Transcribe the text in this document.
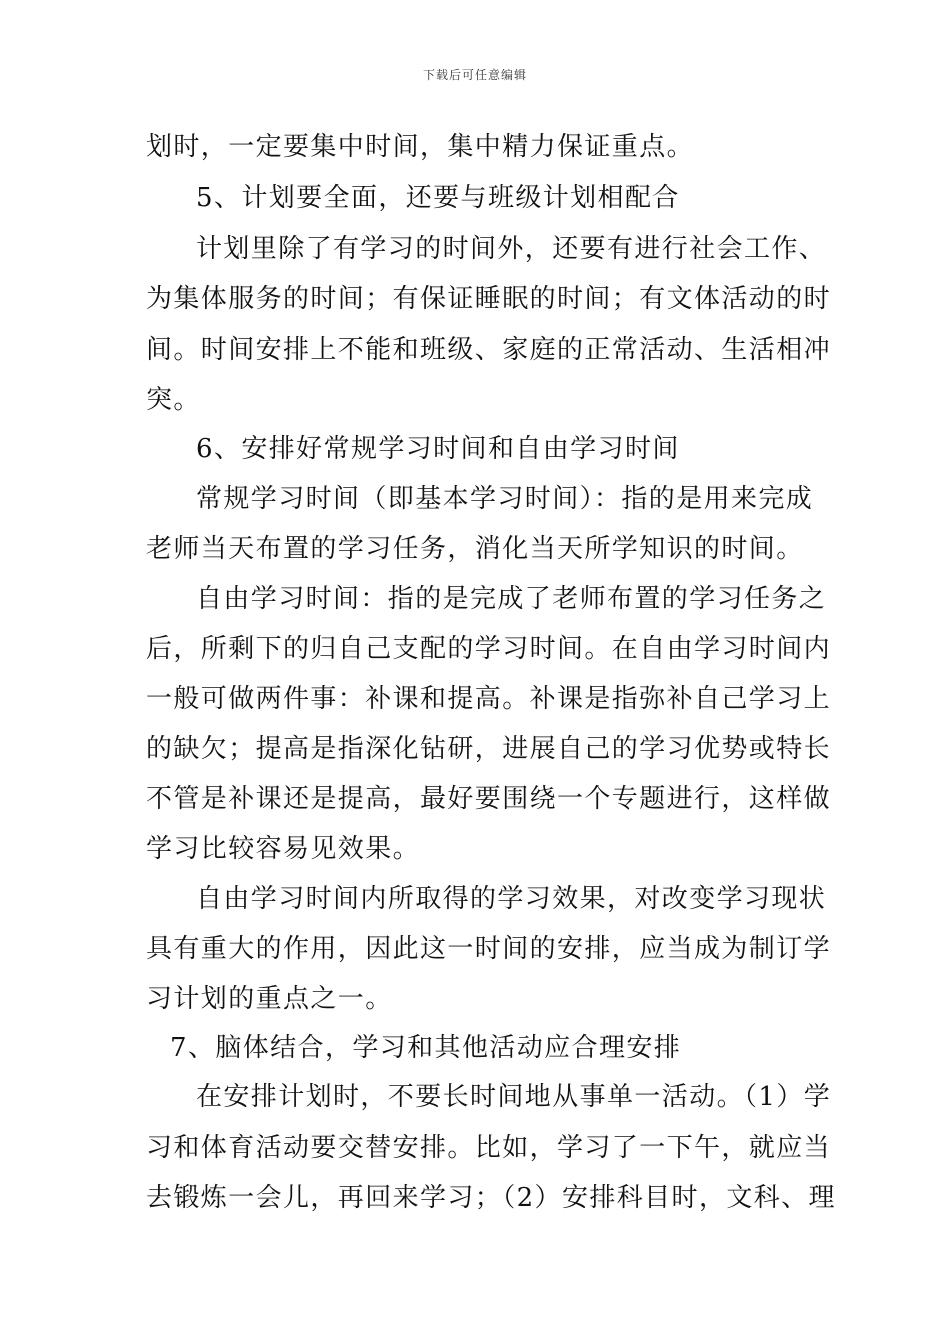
下载后可任意编辑
划时，一定要集中时间，集中精力保证重点。
5、计划要全面，还要与班级计划相配合
计划里除了有学习的时间外，还要有进行社会工作、
为集体服务的时间；有保证睡眠的时间；有文体活动的时
间。时间安排上不能和班级、家庭的正常活动、生活相冲
突。
6、安排好常规学习时间和自由学习时间
常规学习时间（即基本学习时间）：指的是用来完成
老师当天布置的学习任务，消化当天所学知识的时间。
自由学习时间：指的是完成了老师布置的学习任务之
后，所剩下的归自己支配的学习时间。在自由学习时间内
一般可做两件事：补课和提高。补课是指弥补自己学习上
的缺欠；提高是指深化钻研，进展自己的学习优势或特长
不管是补课还是提高，最好要围绕一个专题进行，这样做
学习比较容易见效果。
自由学习时间内所取得的学习效果，对改变学习现状
具有重大的作用，因此这一时间的安排，应当成为制订学
习计划的重点之一。
7、脑体结合，学习和其他活动应合理安排
在安排计划时，不要长时间地从事单一活动。（1）学
习和体育活动要交替安排。比如，学习了一下午，就应当
去锻炼一会儿，再回来学习；（2）安排科目时，文科、理
